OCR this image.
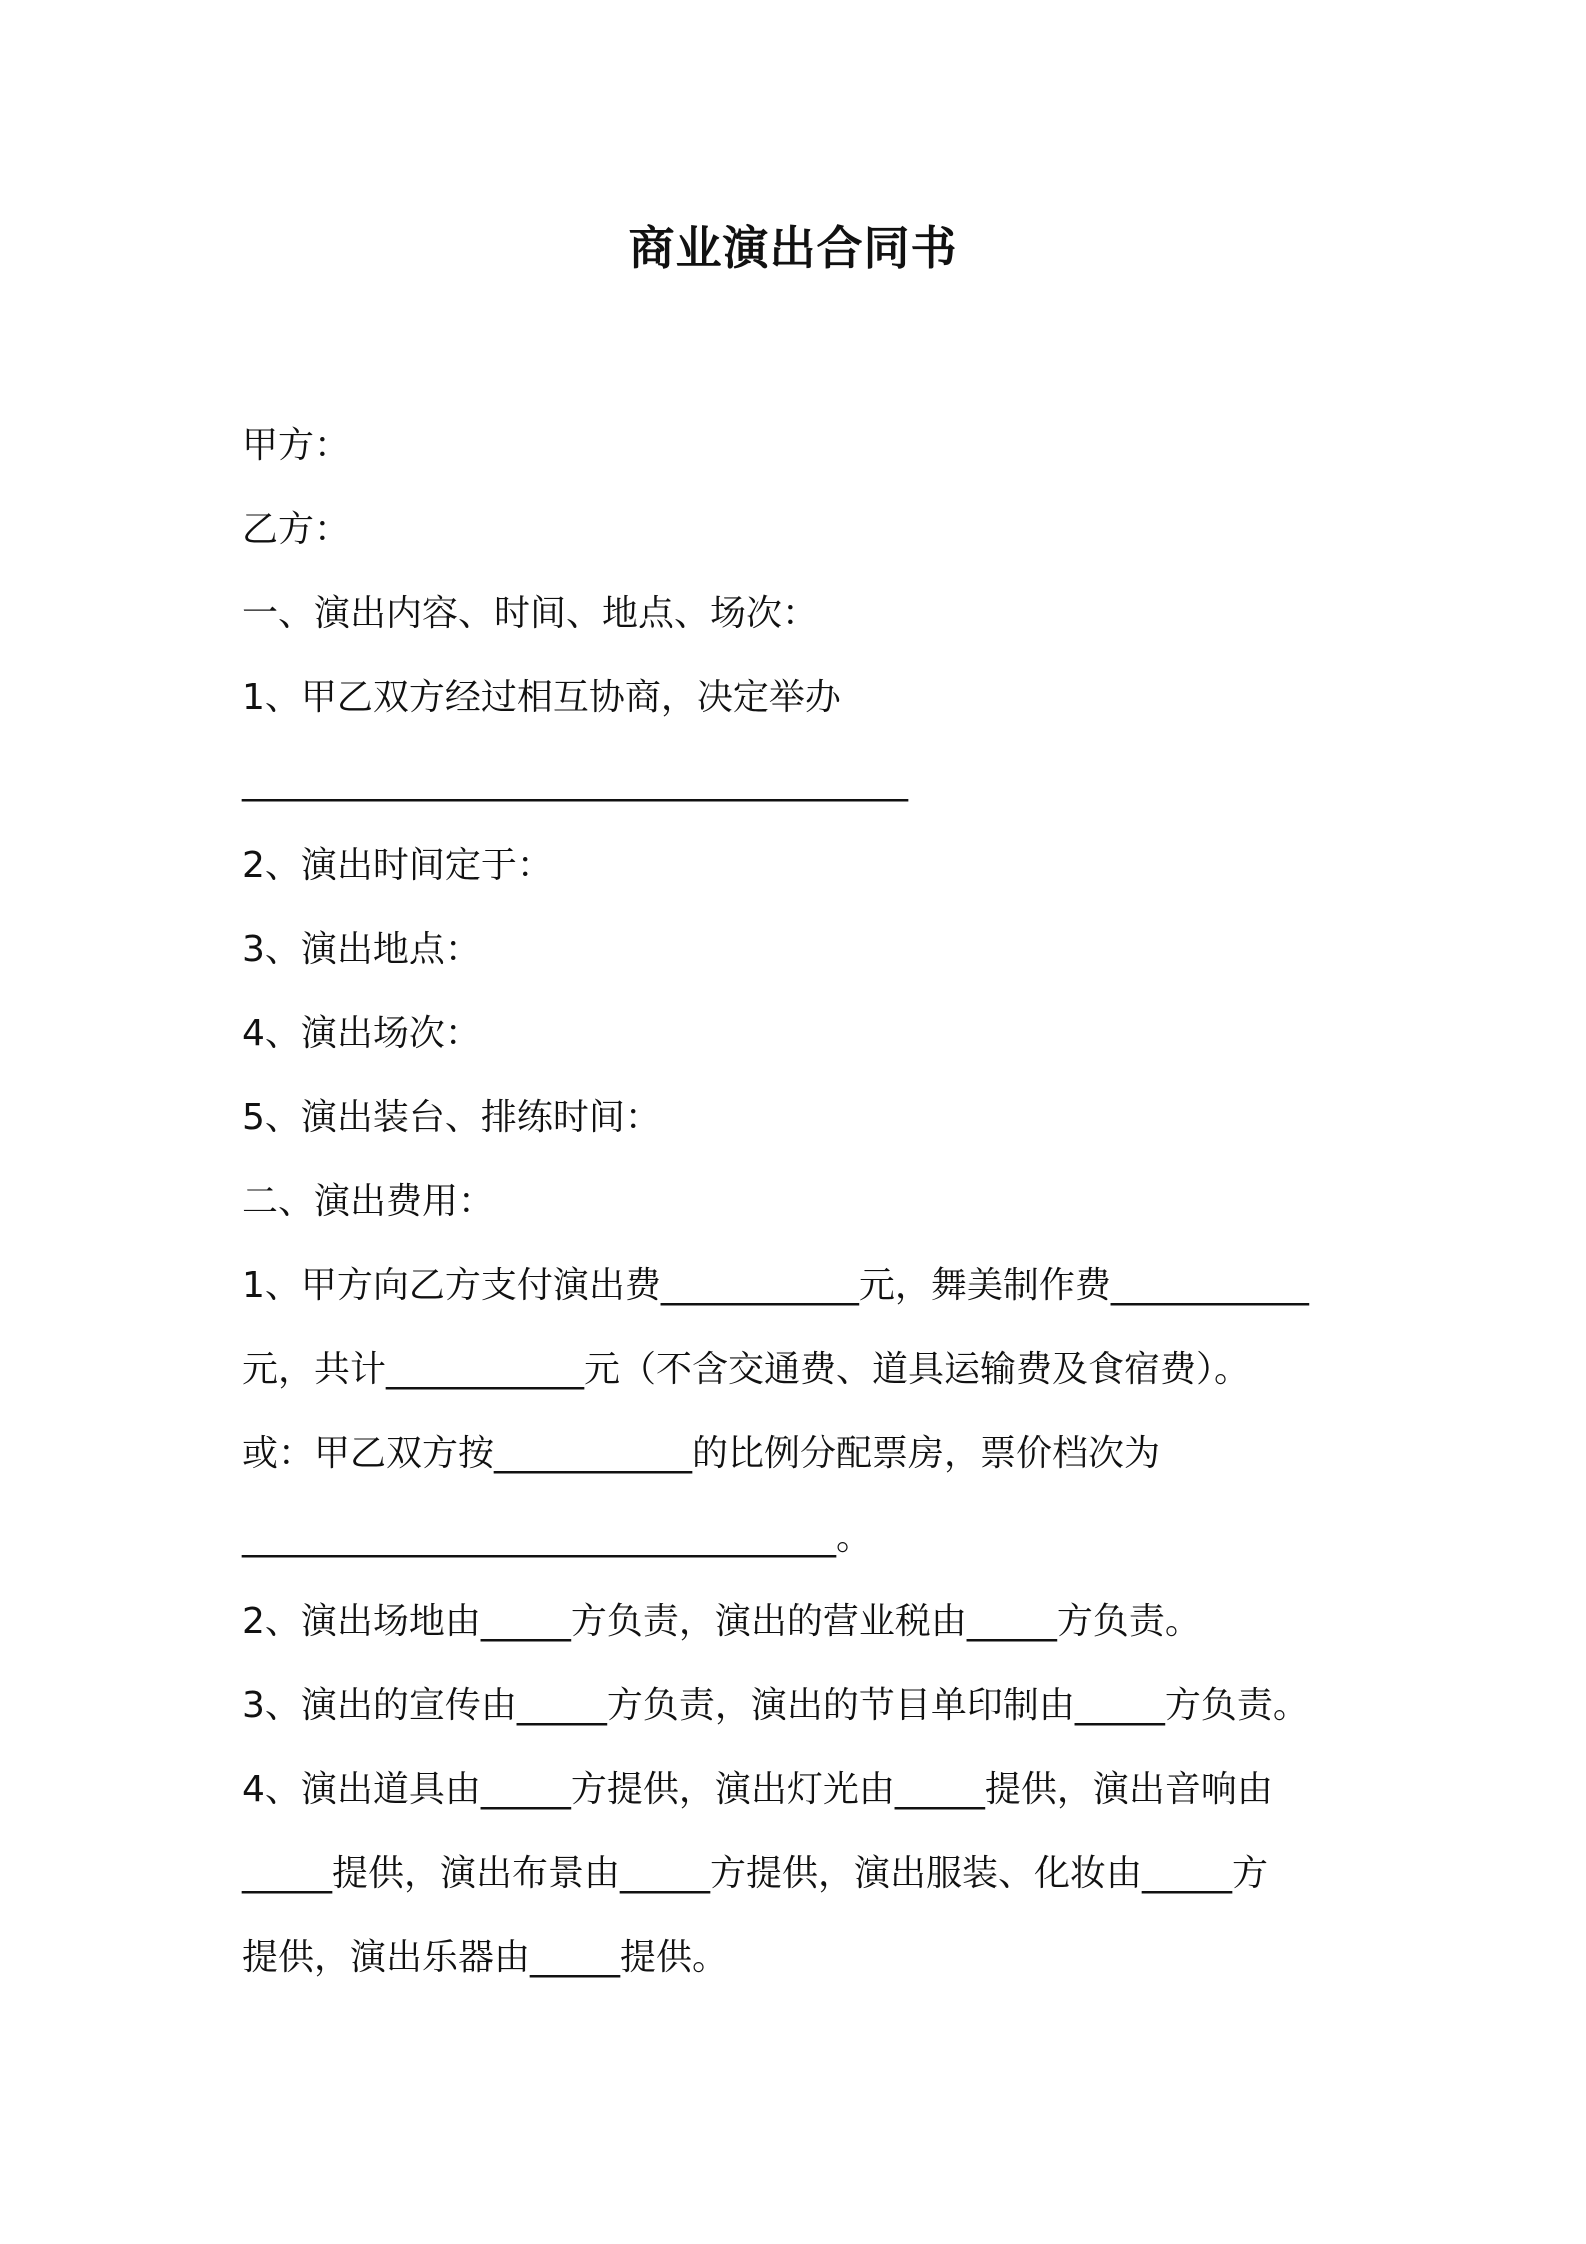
商业演出合同书
甲方：
乙方：
一、演出内容、时间、地点、场次：
1、甲乙双方经过相互协商，决定举办
_____________________________________
2、演出时间定于：
3、演出地点：
4、演出场次：
5、演出装台、排练时间：
二、演出费用：
1、甲方向乙方支付演出费___________元，舞美制作费___________
元，共计___________元（不含交通费、道具运输费及食宿费）。
或：甲乙双方按___________的比例分配票房，票价档次为
_________________________________。
2、演出场地由_____方负责，演出的营业税由_____方负责。
3、演出的宣传由_____方负责，演出的节目单印制由_____方负责。
4、演出道具由_____方提供，演出灯光由_____提供，演出音响由
_____提供，演出布景由_____方提供，演出服装、化妆由_____方
提供，演出乐器由_____提供。
